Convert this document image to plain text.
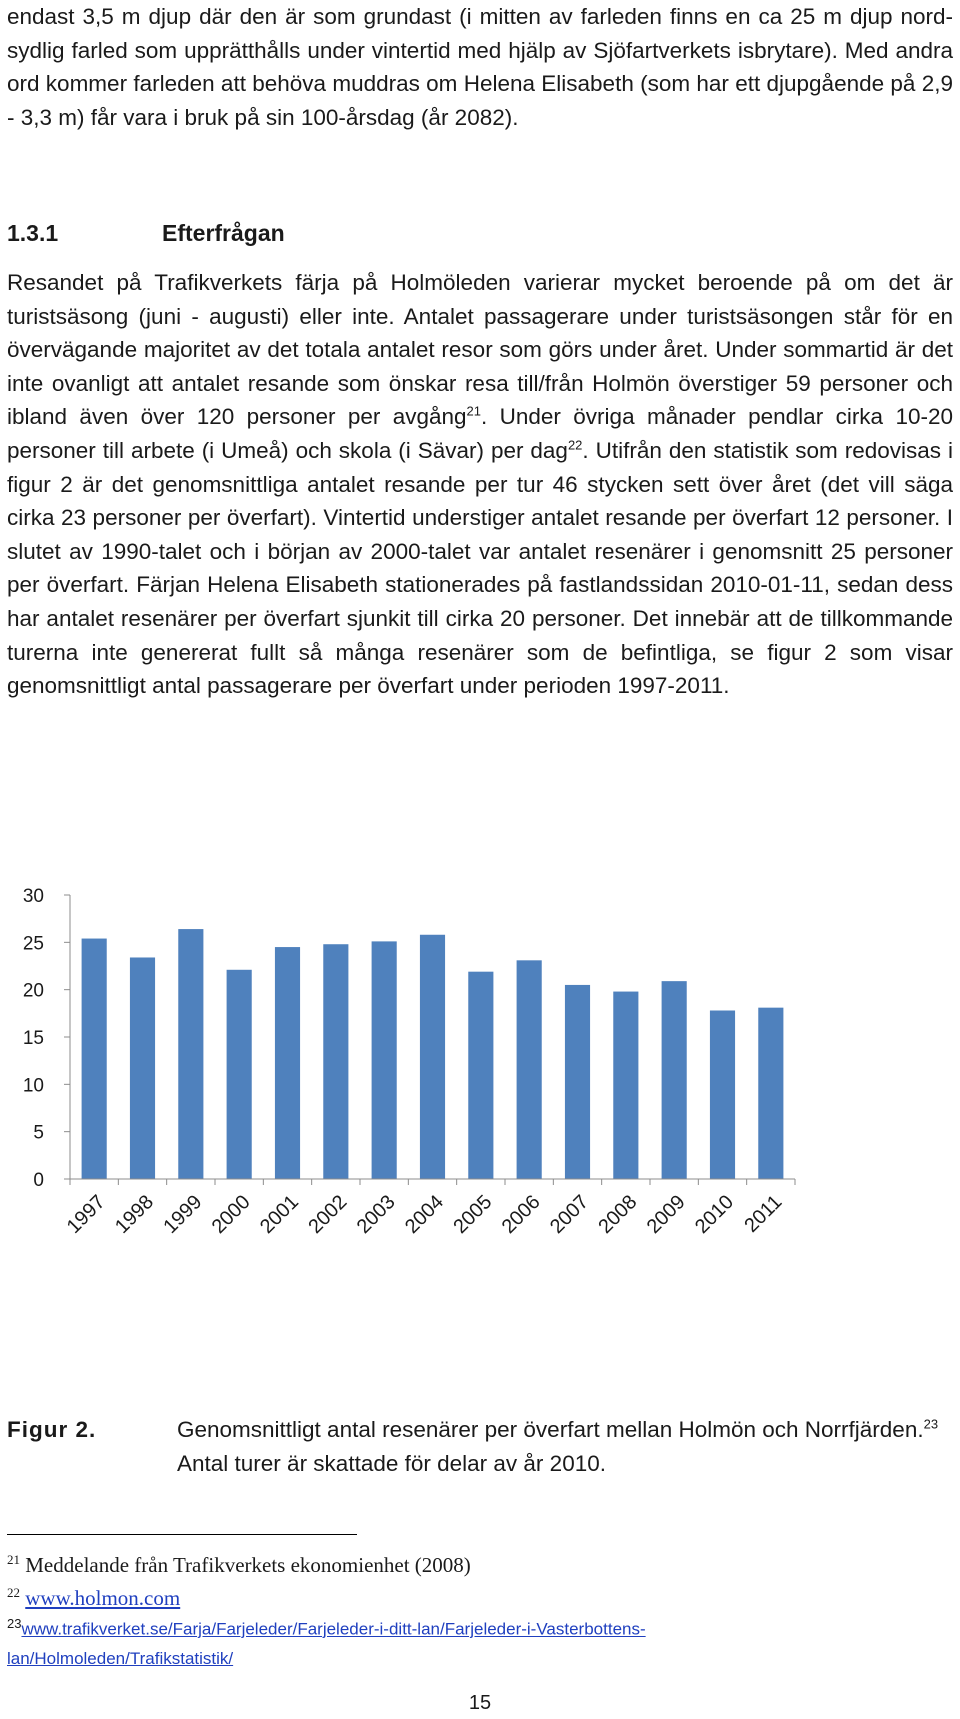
endast 3,5 m djup där den är som grundast (i mitten av farleden finns en ca 25 m djup nord-sydlig farled som upprätthålls under vintertid med hjälp av Sjöfartverkets isbrytare). Med andra ord kommer farleden att behöva muddras om Helena Elisabeth (som har ett djupgående på 2,9 - 3,3 m) får vara i bruk på sin 100-årsdag (år 2082).

1.3.1	Efterfrågan

Resandet på Trafikverkets färja på Holmöleden varierar mycket beroende på om det är turistsäsong (juni - augusti) eller inte. Antalet passagerare under turistsäsongen står för en övervägande majoritet av det totala antalet resor som görs under året. Under sommartid är det inte ovanligt att antalet resande som önskar resa till/från Holmön överstiger 59 personer och ibland även över 120 personer per avgång$^{21}$. Under övriga månader pendlar cirka 10-20 personer till arbete (i Umeå) och skola (i Sävar) per dag$^{22}$. Utifrån den statistik som redovisas i figur 2 är det genomsnittliga antalet resande per tur 46 stycken sett över året (det vill säga cirka 23 personer per överfart). Vintertid understiger antalet resande per överfart 12 personer. I slutet av 1990-talet och i början av 2000-talet var antalet resenärer i genomsnitt 25 personer per överfart. Färjan Helena Elisabeth stationerades på fastlandssidan 2010-01-11, sedan dess har antalet resenärer per överfart sjunkit till cirka 20 personer. Det innebär att de tillkommande turerna inte genererat fullt så många resenärer som de befintliga, se figur 2 som visar genomsnittligt antal passagerare per överfart under perioden 1997-2011.

0
5
10
15
20
25
30
1997 1998 1999 2000 2001 2002 2003 2004 2005 2006 2007 2008 2009 2010 2011
Figur 2.	Genomsnittligt antal resenärer per överfart mellan Holmön och Norrfjärden.$^{23}$ Antal turer är skattade för delar av år 2010.
$^{21}$ Meddelande från Trafikverkets ekonomienhet (2008)
$^{22}$ www.holmon.com
$^{23}$www.trafikverket.se/Farja/Farjeleder/Farjeleder-i-ditt-lan/Farjeleder-i-Vasterbottens-
lan/Holmoleden/Trafikstatistik/
15
